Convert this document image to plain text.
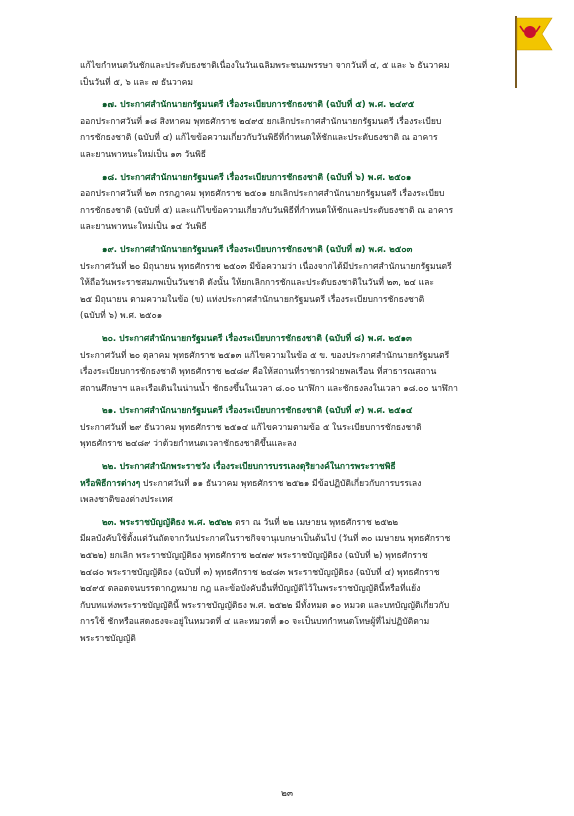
แก้ไขกำหนดวันชักและประดับธงชาติเนื่องในวันเฉลิมพระชนมพรรษา จากวันที่ ๔, ๕ และ ๖ ธันวาคม
เป็นวันที่ ๕, ๖ และ ๗ ธันวาคม
๑๗. ประกาศสำนักนายกรัฐมนตรี เรื่องระเบียบการชักธงชาติ (ฉบับที่ ๕) พ.ศ. ๒๔๙๕
ออกประกาศวันที่ ๑๘ สิงหาคม พุทธศักราช ๒๔๙๕ ยกเลิกประกาศสำนักนายกรัฐมนตรี เรื่องระเบียบ
การชักธงชาติ (ฉบับที่ ๔) แก้ไขข้อความเกี่ยวกับวันพิธีที่กำหนดให้ชักและประดับธงชาติ ณ อาคาร
และยานพาหนะใหม่เป็น ๑๓ วันพิธี
๑๘. ประกาศสำนักนายกรัฐมนตรี เรื่องระเบียบการชักธงชาติ (ฉบับที่ ๖) พ.ศ. ๒๕๐๑
ออกประกาศวันที่ ๒๓ กรกฎาคม พุทธศักราช ๒๕๐๑ ยกเลิกประกาศสำนักนายกรัฐมนตรี เรื่องระเบียบ
การชักธงชาติ (ฉบับที่ ๕) และแก้ไขข้อความเกี่ยวกับวันพิธีที่กำหนดให้ชักและประดับธงชาติ ณ อาคาร
และยานพาหนะใหม่เป็น ๑๔ วันพิธี
๑๙. ประกาศสำนักนายกรัฐมนตรี เรื่องระเบียบการชักธงชาติ (ฉบับที่ ๗) พ.ศ. ๒๕๐๓
ประกาศวันที่ ๒๐ มิถุนายน พุทธศักราช ๒๕๐๓ มีข้อความว่า เนื่องจากได้มีประกาศสำนักนายกรัฐมนตรี
ให้ถือวันพระราชสมภพเป็นวันชาติ ดังนั้น ให้ยกเลิกการชักและประดับธงชาติในวันที่ ๒๓, ๒๔ และ
๒๕ มิถุนายน ตามความในข้อ (ข) แห่งประกาศสำนักนายกรัฐมนตรี เรื่องระเบียบการชักธงชาติ
(ฉบับที่ ๖) พ.ศ. ๒๕๐๑
๒๐. ประกาศสำนักนายกรัฐมนตรี เรื่องระเบียบการชักธงชาติ (ฉบับที่ ๘) พ.ศ. ๒๕๑๓
ประกาศวันที่ ๒๐ ตุลาคม พุทธศักราช ๒๕๑๓ แก้ไขความในข้อ ๕ ข. ของประกาศสำนักนายกรัฐมนตรี
เรื่องระเบียบการชักธงชาติ พุทธศักราช ๒๔๘๙ คือให้สถานที่ราชการฝ่ายพลเรือน ที่สาธารณสถาน
สถานศึกษาฯ และเรือเดินในน่านน้ำ ชักธงขึ้นในเวลา ๘.๐๐ นาฬิกา และชักธงลงในเวลา ๑๘.๐๐ นาฬิกา
๒๑. ประกาศสำนักนายกรัฐมนตรี เรื่องระเบียบการชักธงชาติ (ฉบับที่ ๙) พ.ศ. ๒๕๑๔
ประกาศวันที่ ๒๙ ธันวาคม พุทธศักราช ๒๕๑๔ แก้ไขความตามข้อ ๕ ในระเบียบการชักธงชาติ
พุทธศักราช ๒๔๘๙ ว่าด้วยกำหนดเวลาชักธงชาติขึ้นและลง
๒๒. ประกาศสำนักพระราชวัง เรื่องระเบียบการบรรเลงดุริยางค์ในการพระราชพิธี
หรือพิธีการต่างๆ ประกาศวันที่ ๑๑ ธันวาคม พุทธศักราช ๒๕๒๑ มีข้อปฏิบัติเกี่ยวกับการบรรเลง
เพลงชาติของต่างประเทศ
๒๓. พระราชบัญญัติธง พ.ศ. ๒๕๒๒ ตรา ณ วันที่ ๒๒ เมษายน พุทธศักราช ๒๕๒๒
มีผลบังคับใช้ตั้งแต่วันถัดจากวันประกาศในราชกิจจานุเบกษาเป็นต้นไป (วันที่ ๓๐ เมษายน พุทธศักราช
๒๕๒๒) ยกเลิก พระราชบัญญัติธง พุทธศักราช ๒๔๗๙ พระราชบัญญัติธง (ฉบับที่ ๒) พุทธศักราช
๒๔๘๐ พระราชบัญญัติธง (ฉบับที่ ๓) พุทธศักราช ๒๔๘๓ พระราชบัญญัติธง (ฉบับที่ ๔) พุทธศักราช
๒๔๙๕ ตลอดจนบรรดากฎหมาย กฎ และข้อบังคับอื่นที่บัญญัติไว้ในพระราชบัญญัตินี้หรือที่แย้ง
กับบทแห่งพระราชบัญญัตินี้ พระราชบัญญัติธง พ.ศ. ๒๕๒๒ มีทั้งหมด ๑๐ หมวด และบทบัญญัติเกี่ยวกับ
การใช้ ชักหรือแสดงธงจะอยู่ในหมวดที่ ๔ และหมวดที่ ๑๐ จะเป็นบทกำหนดโทษผู้ที่ไม่ปฏิบัติตาม
พระราชบัญญัติ
๒๓
